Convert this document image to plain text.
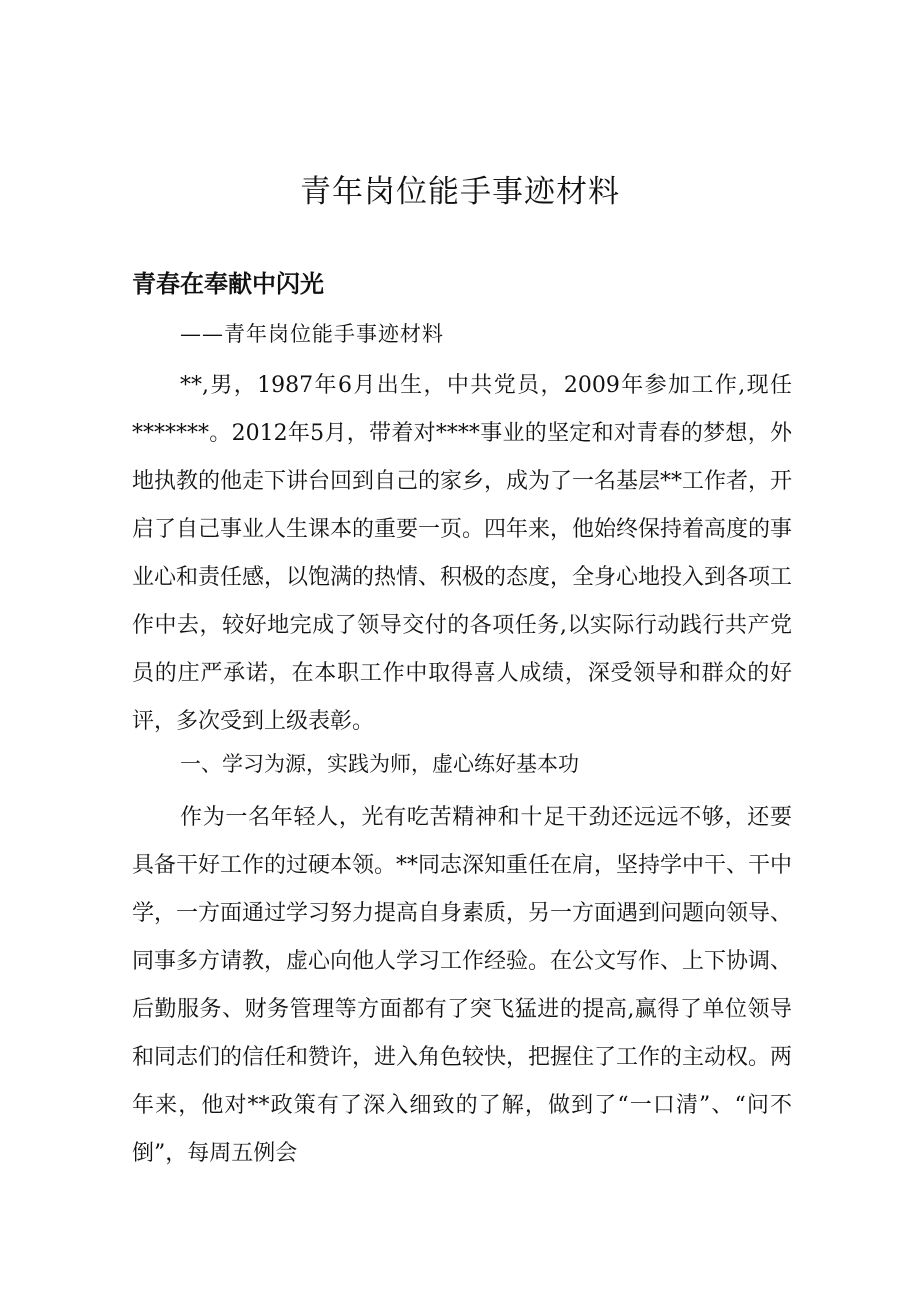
青年岗位能手事迹材料
青春在奉献中闪光

——青年岗位能手事迹材料

**,男，1987年6月出生，中共党员，2009年参加工作,现任*******。2012年5月，带着对****事业的坚定和对青春的梦想，外地执教的他走下讲台回到自己的家乡，成为了一名基层**工作者，开启了自己事业人生课本的重要一页。四年来，他始终保持着高度的事业心和责任感，以饱满的热情、积极的态度，全身心地投入到各项工作中去，较好地完成了领导交付的各项任务,以实际行动践行共产党员的庄严承诺，在本职工作中取得喜人成绩，深受领导和群众的好评，多次受到上级表彰。

一、学习为源，实践为师，虚心练好基本功

作为一名年轻人，光有吃苦精神和十足干劲还远远不够，还要具备干好工作的过硬本领。**同志深知重任在肩，坚持学中干、干中学，一方面通过学习努力提高自身素质，另一方面遇到问题向领导、同事多方请教，虚心向他人学习工作经验。在公文写作、上下协调、后勤服务、财务管理等方面都有了突飞猛进的提高,赢得了单位领导和同志们的信任和赞许，进入角色较快，把握住了工作的主动权。两年来，他对**政策有了深入细致的了解，做到了“一口清”、“问不倒”，每周五例会
